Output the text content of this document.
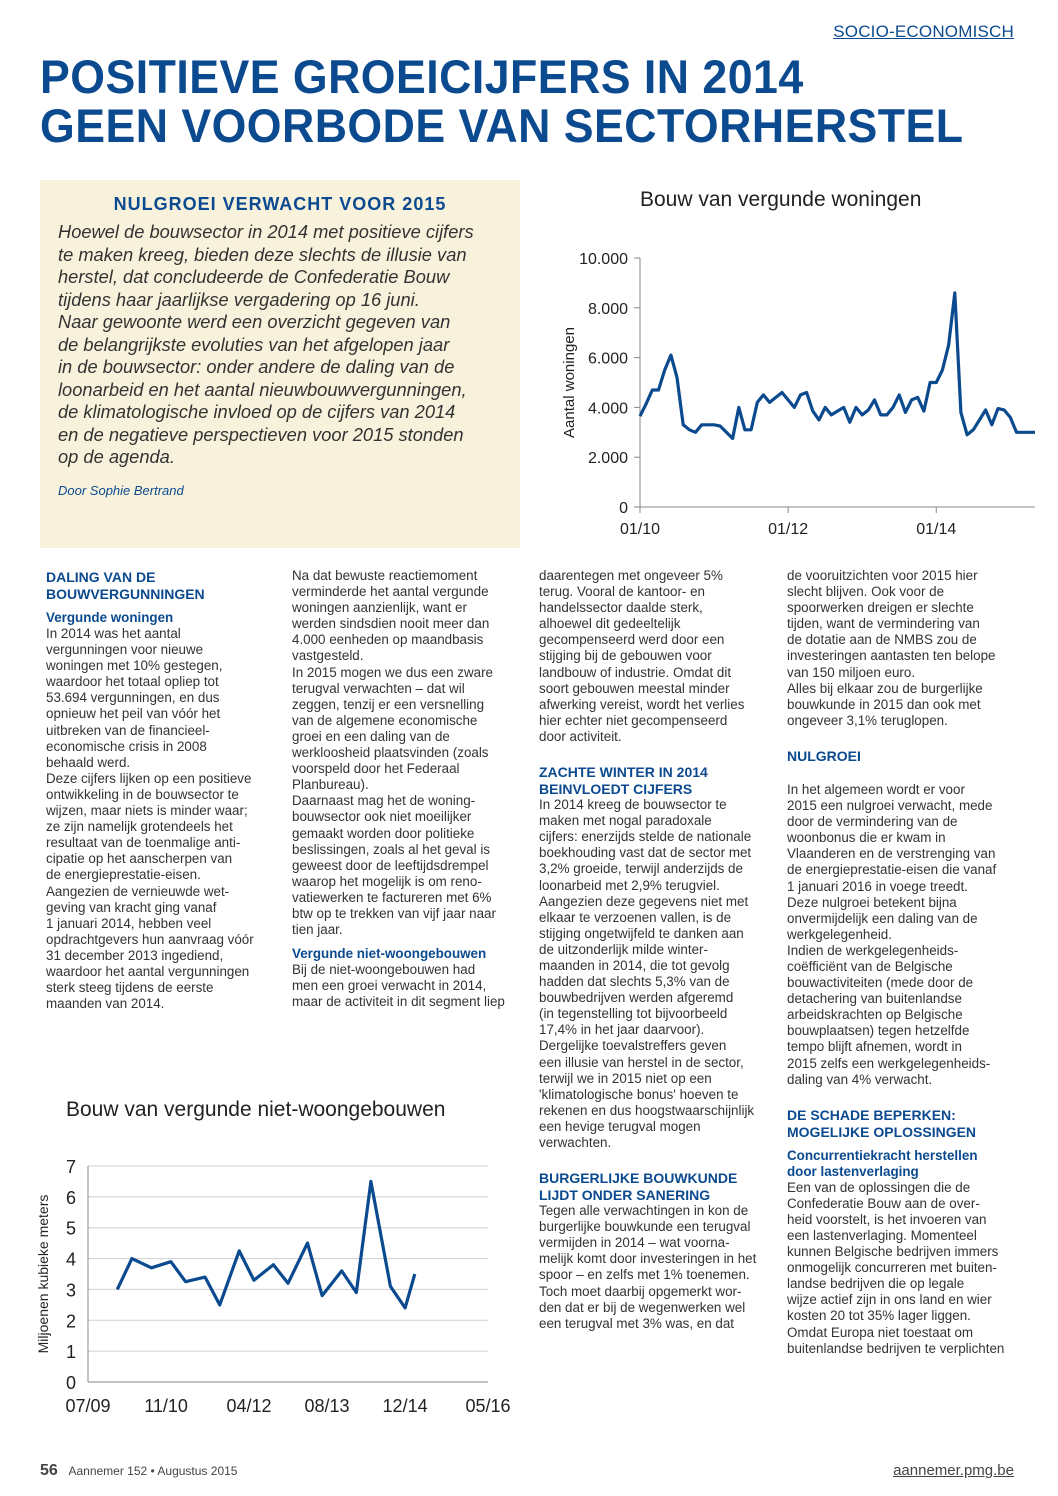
SOCIO-ECONOMISCH
POSITIEVE GROEICIJFERS IN 2014
GEEN VOORBODE VAN SECTORHERSTEL
NULGROEI VERWACHT VOOR 2015
Hoewel de bouwsector in 2014 met positieve cijfers
te maken kreeg, bieden deze slechts de illusie van
herstel, dat concludeerde de Confederatie Bouw
tijdens haar jaarlijkse vergadering op 16 juni.
Naar gewoonte werd een overzicht gegeven van
de belangrijkste evoluties van het afgelopen jaar
in de bouwsector: onder andere de daling van de
loonarbeid en het aantal nieuwbouwvergunningen,
de klimatologische invloed op de cijfers van 2014
en de negatieve perspectieven voor 2015 stonden
op de agenda.
Door Sophie Bertrand
Bouw van vergunde woningen
10.000
8.000
6.000
4.000
2.000
0
01/10	01/12	01/14
Aantal woningen
Bouw van vergunde niet-woongebouwen
7
6
5
4
3
2
1
0
07/09 11/10 04/12 08/13 12/14 05/16
Miljoenen kubieke meters
DALING VAN DE
BOUWVERGUNNINGEN
Vergunde woningen
In 2014 was het aantal
vergunningen voor nieuwe
woningen met 10% gestegen,
waardoor het totaal opliep tot
53.694 vergunningen, en dus
opnieuw het peil van vóór het
uitbreken van de financieel-
economische crisis in 2008
behaald werd.
Deze cijfers lijken op een positieve
ontwikkeling in de bouwsector te
wijzen, maar niets is minder waar;
ze zijn namelijk grotendeels het
resultaat van de toenmalige anti-
cipatie op het aanscherpen van
de energieprestatie-eisen.
Aangezien de vernieuwde wet-
geving van kracht ging vanaf
1 januari 2014, hebben veel
opdrachtgevers hun aanvraag vóór
31 december 2013 ingediend,
waardoor het aantal vergunningen
sterk steeg tijdens de eerste
maanden van 2014.
Na dat bewuste reactiemoment
verminderde het aantal vergunde
woningen aanzienlijk, want er
werden sindsdien nooit meer dan
4.000 eenheden op maandbasis
vastgesteld.
In 2015 mogen we dus een zware
terugval verwachten – dat wil
zeggen, tenzij er een versnelling
van de algemene economische
groei en een daling van de
werkloosheid plaatsvinden (zoals
voorspeld door het Federaal
Planbureau).
Daarnaast mag het de woning-
bouwsector ook niet moeilijker
gemaakt worden door politieke
beslissingen, zoals al het geval is
geweest door de leeftijdsdrempel
waarop het mogelijk is om reno-
vatiewerken te factureren met 6%
btw op te trekken van vijf jaar naar
tien jaar.
Vergunde niet-woongebouwen
Bij de niet-woongebouwen had
men een groei verwacht in 2014,
maar de activiteit in dit segment liep
daarentegen met ongeveer 5%
terug. Vooral de kantoor- en
handelssector daalde sterk,
alhoewel dit gedeeltelijk
gecompenseerd werd door een
stijging bij de gebouwen voor
landbouw of industrie. Omdat dit
soort gebouwen meestal minder
afwerking vereist, wordt het verlies
hier echter niet gecompenseerd
door activiteit.
ZACHTE WINTER IN 2014
BEINVLOEDT CIJFERS
In 2014 kreeg de bouwsector te
maken met nogal paradoxale
cijfers: enerzijds stelde de nationale
boekhouding vast dat de sector met
3,2% groeide, terwijl anderzijds de
loonarbeid met 2,9% terugviel.
Aangezien deze gegevens niet met
elkaar te verzoenen vallen, is de
stijging ongetwijfeld te danken aan
de uitzonderlijk milde winter-
maanden in 2014, die tot gevolg
hadden dat slechts 5,3% van de
bouwbedrijven werden afgeremd
(in tegenstelling tot bijvoorbeeld
17,4% in het jaar daarvoor).
Dergelijke toevalstreffers geven
een illusie van herstel in de sector,
terwijl we in 2015 niet op een
'klimatologische bonus' hoeven te
rekenen en dus hoogstwaarschijnlijk
een hevige terugval mogen
verwachten.
BURGERLIJKE BOUWKUNDE
LIJDT ONDER SANERING
Tegen alle verwachtingen in kon de
burgerlijke bouwkunde een terugval
vermijden in 2014 – wat voorna-
melijk komt door investeringen in het
spoor – en zelfs met 1% toenemen.
Toch moet daarbij opgemerkt wor-
den dat er bij de wegenwerken wel
een terugval met 3% was, en dat
de vooruitzichten voor 2015 hier
slecht blijven. Ook voor de
spoorwerken dreigen er slechte
tijden, want de vermindering van
de dotatie aan de NMBS zou de
investeringen aantasten ten belope
van 150 miljoen euro.
Alles bij elkaar zou de burgerlijke
bouwkunde in 2015 dan ook met
ongeveer 3,1% teruglopen.
NULGROEI
In het algemeen wordt er voor
2015 een nulgroei verwacht, mede
door de vermindering van de
woonbonus die er kwam in
Vlaanderen en de verstrenging van
de energieprestatie-eisen die vanaf
1 januari 2016 in voege treedt.
Deze nulgroei betekent bijna
onvermijdelijk een daling van de
werkgelegenheid.
Indien de werkgelegenheids-
coëfficiënt van de Belgische
bouwactiviteiten (mede door de
detachering van buitenlandse
arbeidskrachten op Belgische
bouwplaatsen) tegen hetzelfde
tempo blijft afnemen, wordt in
2015 zelfs een werkgelegenheids-
daling van 4% verwacht.
DE SCHADE BEPERKEN:
MOGELIJKE OPLOSSINGEN
Concurrentiekracht herstellen
door lastenverlaging
Een van de oplossingen die de
Confederatie Bouw aan de over-
heid voorstelt, is het invoeren van
een lastenverlaging. Momenteel
kunnen Belgische bedrijven immers
onmogelijk concurreren met buiten-
landse bedrijven die op legale
wijze actief zijn in ons land en wier
kosten 20 tot 35% lager liggen.
Omdat Europa niet toestaat om
buitenlandse bedrijven te verplichten
56 Aannemer 152 • Augustus 2015	aannemer.pmg.be
